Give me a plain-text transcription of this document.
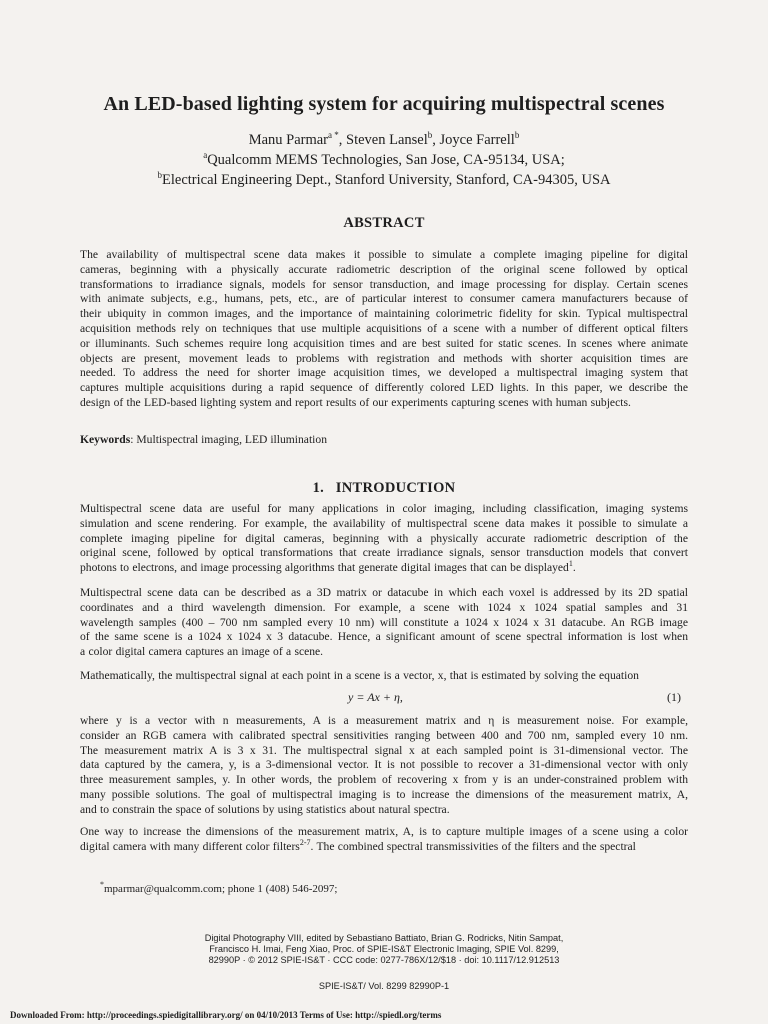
An LED-based lighting system for acquiring multispectral scenes
Manu Parmar$^{a *}$, Steven Lansel$^b$, Joyce Farrell$^b$
$^a$Qualcomm MEMS Technologies, San Jose, CA-95134, USA;
$^b$Electrical Engineering Dept., Stanford University, Stanford, CA-94305, USA
ABSTRACT
The availability of multispectral scene data makes it possible to simulate a complete imaging pipeline for digital
cameras, beginning with a physically accurate radiometric description of the original scene followed by optical
transformations to irradiance signals, models for sensor transduction, and image processing for display. Certain scenes
with animate subjects, e.g., humans, pets, etc., are of particular interest to consumer camera manufacturers because of
their ubiquity in common images, and the importance of maintaining colorimetric fidelity for skin. Typical multispectral
acquisition methods rely on techniques that use multiple acquisitions of a scene with a number of different optical filters
or illuminants. Such schemes require long acquisition times and are best suited for static scenes. In scenes where animate
objects are present, movement leads to problems with registration and methods with shorter acquisition times are
needed. To address the need for shorter image acquisition times, we developed a multispectral imaging system that
captures multiple acquisitions during a rapid sequence of differently colored LED lights. In this paper, we describe the
design of the LED-based lighting system and report results of our experiments capturing scenes with human subjects.
Keywords: Multispectral imaging, LED illumination
1.   INTRODUCTION
Multispectral scene data are useful for many applications in color imaging, including classification, imaging systems
simulation and scene rendering. For example, the availability of multispectral scene data makes it possible to simulate a
complete imaging pipeline for digital cameras, beginning with a physically accurate radiometric description of the
original scene, followed by optical transformations that create irradiance signals, sensor transduction models that convert
photons to electrons, and image processing algorithms that generate digital images that can be displayed$^1$.
Multispectral scene data can be described as a 3D matrix or datacube in which each voxel is addressed by its 2D spatial
coordinates and a third wavelength dimension. For example, a scene with 1024 x 1024 spatial samples and 31
wavelength samples (400 – 700 nm sampled every 10 nm) will constitute a 1024 x 1024 x 31 datacube. An RGB image
of the same scene is a 1024 x 1024 x 3 datacube. Hence, a significant amount of scene spectral information is lost when
a color digital camera captures an image of a scene.
Mathematically, the multispectral signal at each point in a scene is a vector, x, that is estimated by solving the equation
y = Ax + η,	(1)
where y is a vector with n measurements, A is a measurement matrix and η is measurement noise. For example,
consider an RGB camera with calibrated spectral sensitivities ranging between 400 and 700 nm, sampled every 10 nm.
The measurement matrix A is 3 x 31. The multispectral signal x at each sampled point is 31-dimensional vector. The
data captured by the camera, y, is a 3-dimensional vector. It is not possible to recover a 31-dimensional vector with only
three measurement samples, y. In other words, the problem of recovering x from y is an under-constrained problem with
many possible solutions. The goal of multispectral imaging is to increase the dimensions of the measurement matrix, A,
and to constrain the space of solutions by using statistics about natural spectra.
One way to increase the dimensions of the measurement matrix, A, is to capture multiple images of a scene using a color
digital camera with many different color filters$^{2-7}$. The combined spectral transmissivities of the filters and the spectral
*mparmar@qualcomm.com; phone 1 (408) 546-2097;
Digital Photography VIII, edited by Sebastiano Battiato, Brian G. Rodricks, Nitin Sampat,
Francisco H. Imai, Feng Xiao, Proc. of SPIE-IS&T Electronic Imaging, SPIE Vol. 8299,
82990P · © 2012 SPIE-IS&T · CCC code: 0277-786X/12/$18 · doi: 10.1117/12.912513
SPIE-IS&T/ Vol. 8299 82990P-1
Downloaded From: http://proceedings.spiedigitallibrary.org/ on 04/10/2013 Terms of Use: http://spiedl.org/terms
